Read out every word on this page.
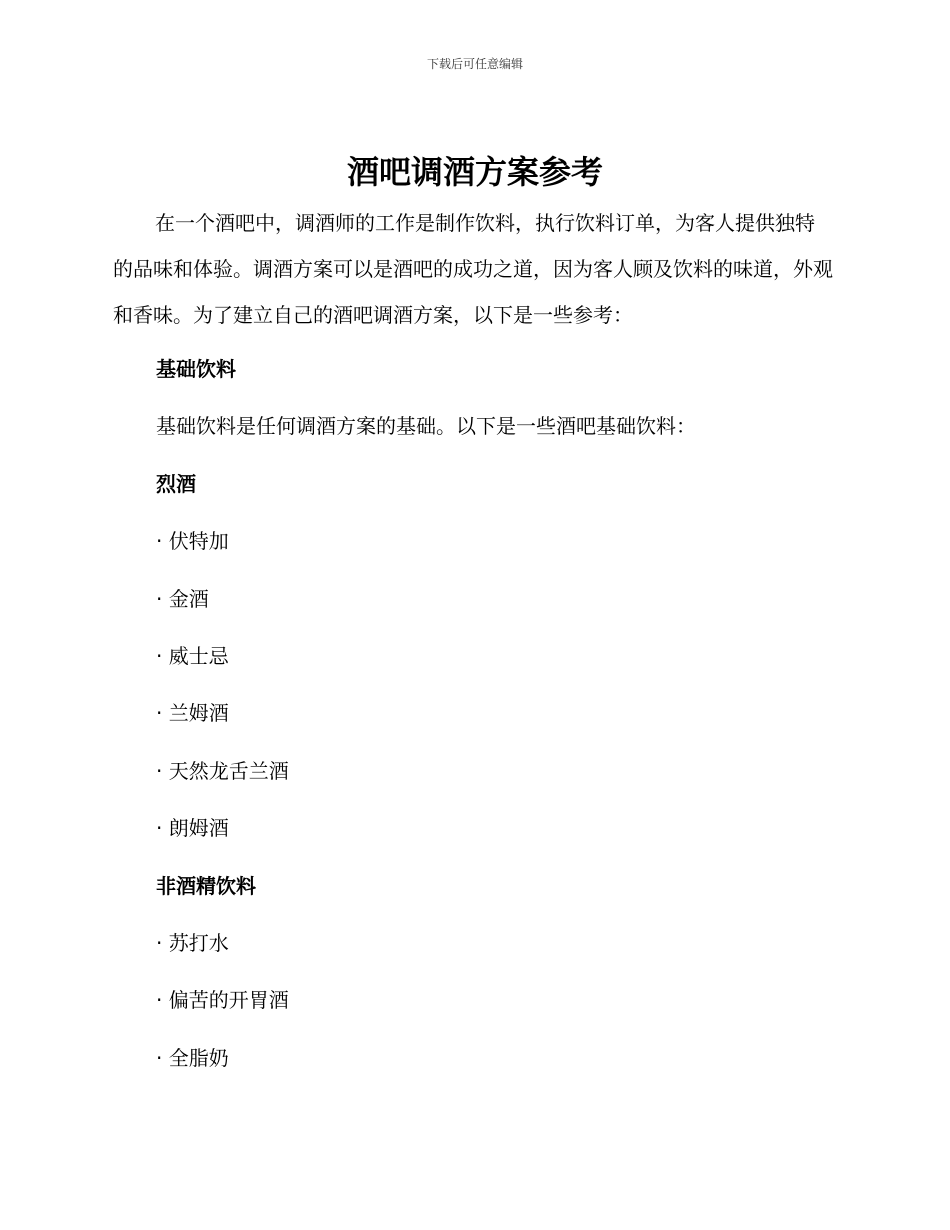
下载后可任意编辑
酒吧调酒方案参考

在一个酒吧中，调酒师的工作是制作饮料，执行饮料订单，为客人提供独特的品味和体验。调酒方案可以是酒吧的成功之道，因为客人顾及饮料的味道，外观和香味。为了建立自己的酒吧调酒方案，以下是一些参考：

基础饮料

基础饮料是任何调酒方案的基础。以下是一些酒吧基础饮料：

烈酒

· 伏特加

· 金酒

· 威士忌

· 兰姆酒

· 天然龙舌兰酒

· 朗姆酒

非酒精饮料

· 苏打水

· 偏苦的开胃酒

· 全脂奶
